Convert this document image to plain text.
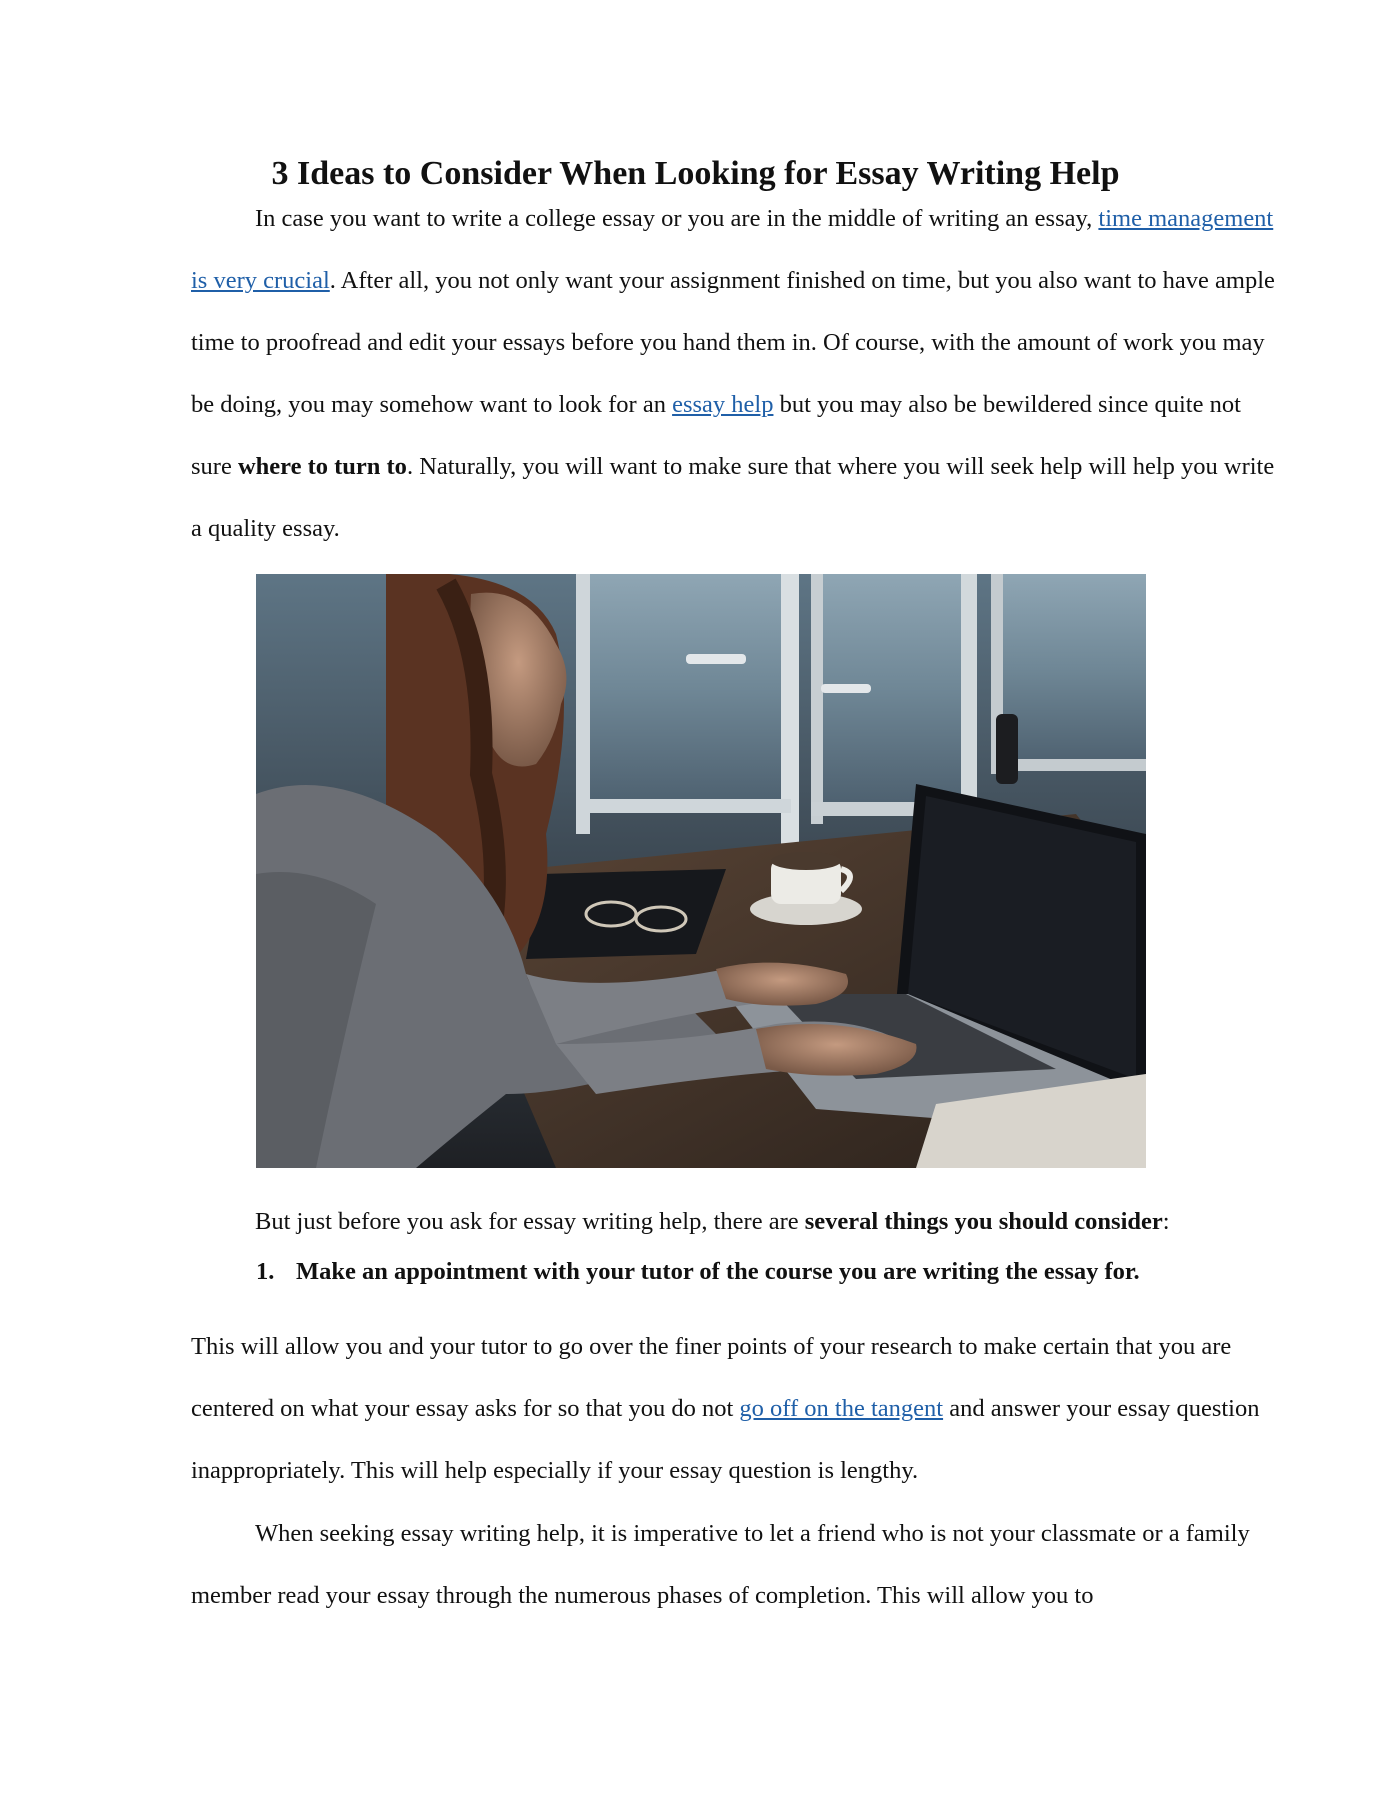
3 Ideas to Consider When Looking for Essay Writing Help

In case you want to write a college essay or you are in the middle of writing an essay, time management is very crucial. After all, you not only want your assignment finished on time, but you also want to have ample time to proofread and edit your essays before you hand them in. Of course, with the amount of work you may be doing, you may somehow want to look for an essay help but you may also be bewildered since quite not sure where to turn to. Naturally, you will want to make sure that where you will seek help will help you write a quality essay.

But just before you ask for essay writing help, there are several things you should consider:

1. Make an appointment with your tutor of the course you are writing the essay for.

This will allow you and your tutor to go over the finer points of your research to make certain that you are centered on what your essay asks for so that you do not go off on the tangent and answer your essay question inappropriately. This will help especially if your essay question is lengthy.

When seeking essay writing help, it is imperative to let a friend who is not your classmate or a family member read your essay through the numerous phases of completion. This will allow you to
